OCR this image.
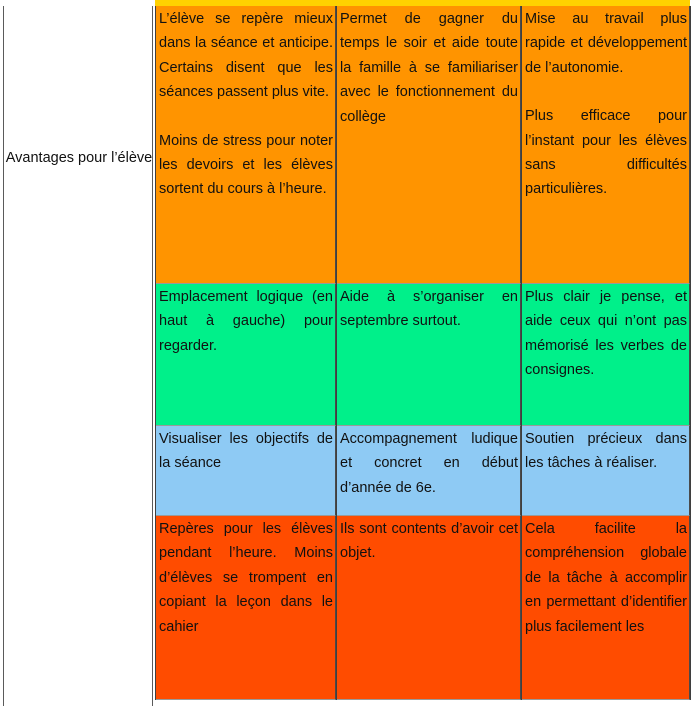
Avantages pour l’élève

L’élève se repère mieux dans la séance et anticipe. Certains disent que les séances passent plus vite.

Moins de stress pour noter les devoirs et les élèves sortent du cours à l’heure.

Permet de gagner du temps le soir et aide toute la famille à se familiariser avec le fonctionnement du collège

Mise au travail plus rapide et développement de l’autonomie.

Plus efficace pour l’instant pour les élèves sans difficultés particulières.

Emplacement logique (en haut à gauche) pour regarder.

Aide à s’organiser en septembre surtout.

Plus clair je pense, et aide ceux qui n’ont pas mémorisé les verbes de consignes.

Visualiser les objectifs de la séance

Accompagnement ludique et concret en début d’année de 6e.

Soutien précieux dans les tâches à réaliser.

Repères pour les élèves pendant l’heure. Moins d’élèves se trompent en copiant la leçon dans le cahier

Ils sont contents d’avoir cet objet.

Cela facilite la compréhension globale de la tâche à accomplir en permettant d’identifier plus facilement les
